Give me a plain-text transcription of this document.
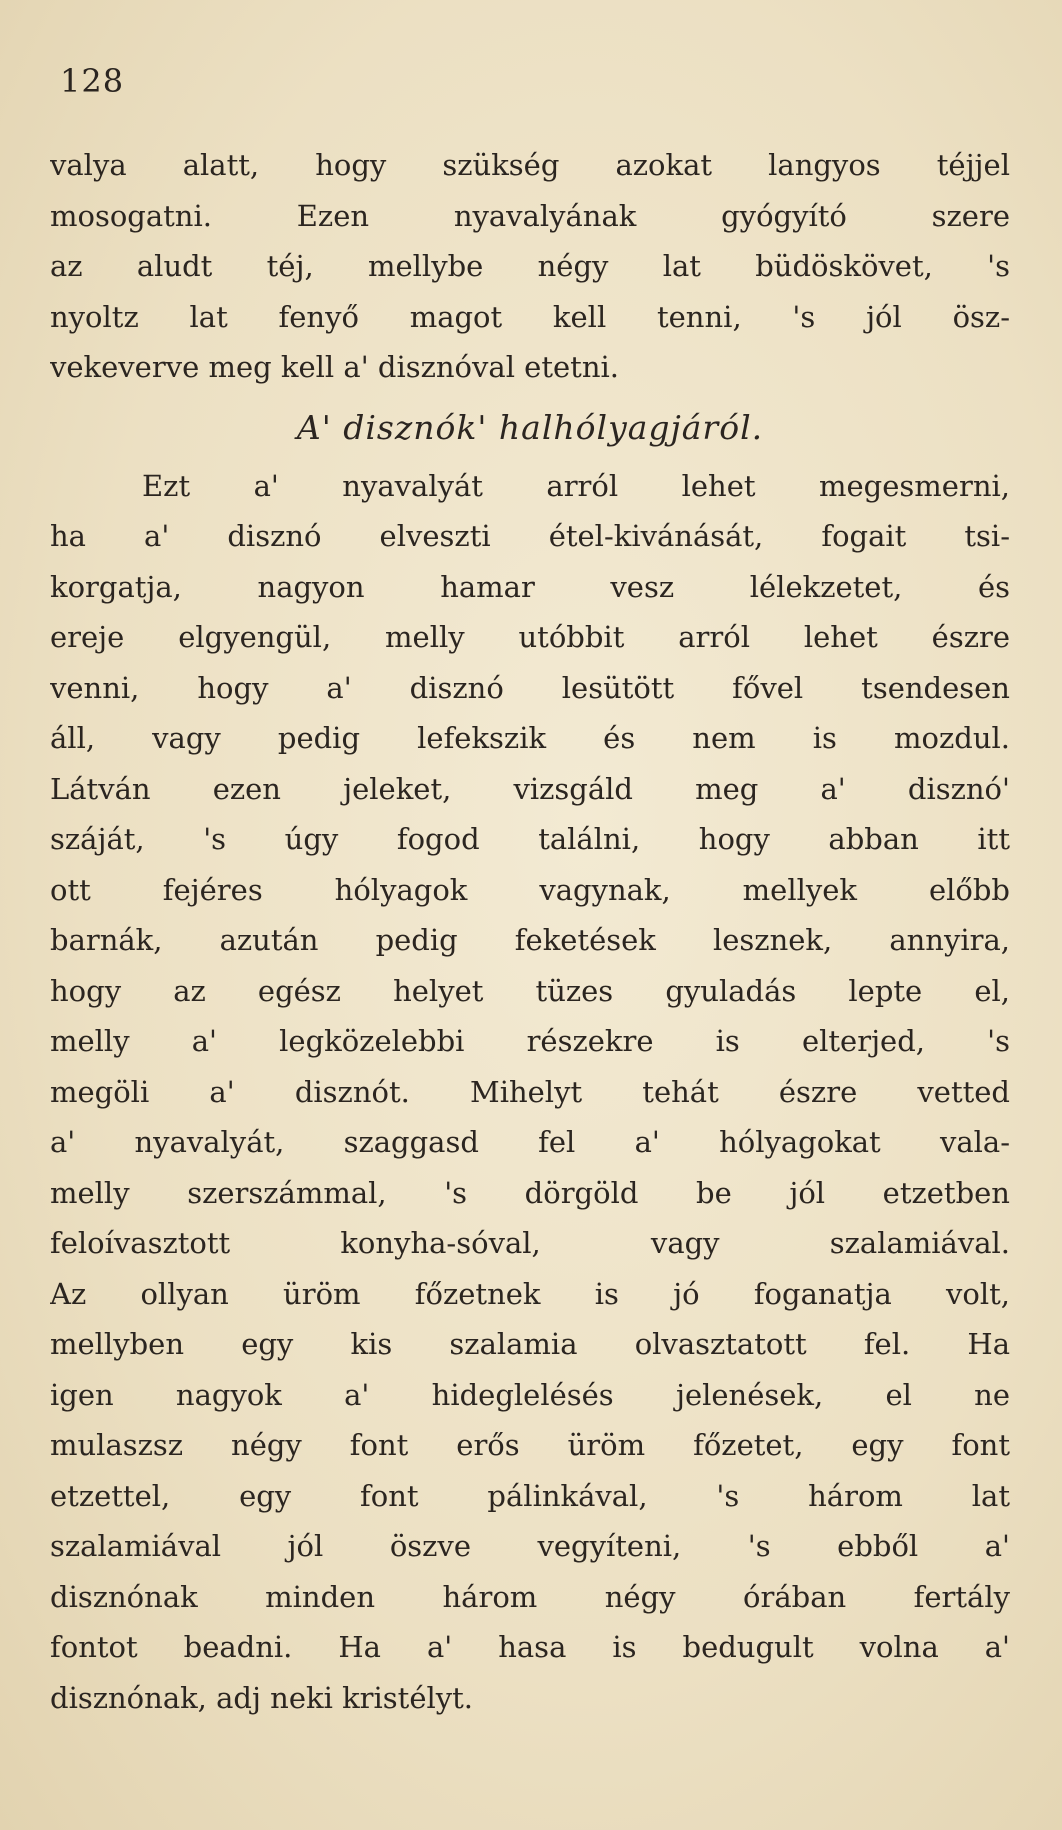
128
valya alatt, hogy szükség azokat langyos téjjel
mosogatni. Ezen nyavalyának gyógyító szere
az aludt téj, mellybe négy lat büdöskövet, 's
nyoltz lat fenyő magot kell tenni, 's jól ösz-
vekeverve meg kell a' disznóval etetni.
A' disznók' halhólyagjáról.
Ezt a' nyavalyát arról lehet megesmerni,
ha a' disznó elveszti étel-kivánását, fogait tsi-
korgatja, nagyon hamar vesz lélekzetet, és
ereje elgyengül, melly utóbbit arról lehet észre
venni, hogy a' disznó lesütött fővel tsendesen
áll, vagy pedig lefekszik és nem is mozdul.
Látván ezen jeleket, vizsgáld meg a' disznó'
száját, 's úgy fogod találni, hogy abban itt
ott fejéres hólyagok vagynak, mellyek előbb
barnák, azután pedig feketések lesznek, annyira,
hogy az egész helyet tüzes gyuladás lepte el,
melly a' legközelebbi részekre is elterjed, 's
megöli a' disznót. Mihelyt tehát észre vetted
a' nyavalyát, szaggasd fel a' hólyagokat vala-
melly szerszámmal, 's dörgöld be jól etzetben
feloívasztott konyha-sóval, vagy szalamiával.
Az ollyan üröm főzetnek is jó foganatja volt,
mellyben egy kis szalamia olvasztatott fel. Ha
igen nagyok a' hideglelésés jelenések, el ne
mulaszsz négy font erős üröm főzetet, egy font
etzettel, egy font pálinkával, 's három lat
szalamiával jól öszve vegyíteni, 's ebből a'
disznónak minden három négy órában fertály
fontot beadni. Ha a' hasa is bedugult volna a'
disznónak, adj neki kristélyt.
